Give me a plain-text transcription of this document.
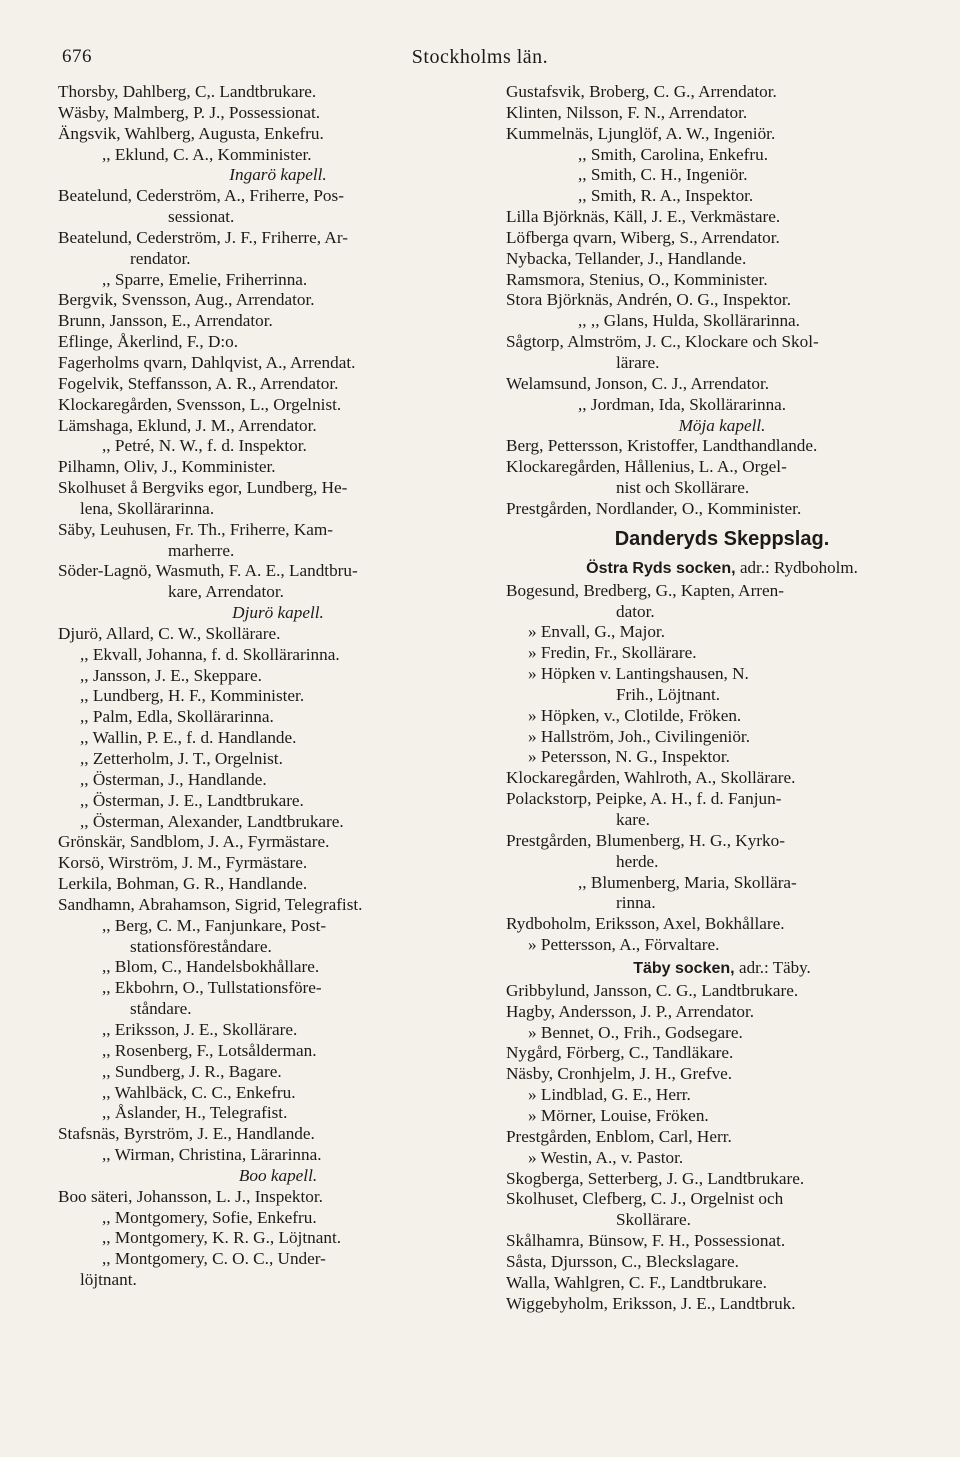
676	Stockholms län.
Thorsby, Dahlberg, C,. Landtbrukare.
Wäsby, Malmberg, P. J., Possessionat.
Ängsvik, Wahlberg, Augusta, Enkefru.
,, Eklund, C. A., Komminister.
Ingarö kapell.
Beatelund, Cederström, A., Friherre, Pos-
sessionat.
Beatelund, Cederström, J. F., Friherre, Ar-
rendator.
,, Sparre, Emelie, Friherrinna.
Bergvik, Svensson, Aug., Arrendator.
Brunn, Jansson, E., Arrendator.
Eflinge, Åkerlind, F., D:o.
Fagerholms qvarn, Dahlqvist, A., Arrendat.
Fogelvik, Steffansson, A. R., Arrendator.
Klockaregården, Svensson, L., Orgelnist.
Lämshaga, Eklund, J. M., Arrendator.
,, Petré, N. W., f. d. Inspektor.
Pilhamn, Oliv, J., Komminister.
Skolhuset å Bergviks egor, Lundberg, He-
lena, Skollärarinna.
Säby, Leuhusen, Fr. Th., Friherre, Kam-
marherre.
Söder-Lagnö, Wasmuth, F. A. E., Landtbru-
kare, Arrendator.
Djurö kapell.
Djurö, Allard, C. W., Skollärare.
,, Ekvall, Johanna, f. d. Skollärarinna.
,, Jansson, J. E., Skeppare.
,, Lundberg, H. F., Komminister.
,, Palm, Edla, Skollärarinna.
,, Wallin, P. E., f. d. Handlande.
,, Zetterholm, J. T., Orgelnist.
,, Österman, J., Handlande.
,, Österman, J. E., Landtbrukare.
,, Österman, Alexander, Landtbrukare.
Grönskär, Sandblom, J. A., Fyrmästare.
Korsö, Wirström, J. M., Fyrmästare.
Lerkila, Bohman, G. R., Handlande.
Sandhamn, Abrahamson, Sigrid, Telegrafist.
,, Berg, C. M., Fanjunkare, Post-
stationsföreståndare.
,, Blom, C., Handelsbokhållare.
,, Ekbohrn, O., Tullstationsföre-
ståndare.
,, Eriksson, J. E., Skollärare.
,, Rosenberg, F., Lotsålderman.
,, Sundberg, J. R., Bagare.
,, Wahlbäck, C. C., Enkefru.
,, Åslander, H., Telegrafist.
Stafsnäs, Byrström, J. E., Handlande.
,, Wirman, Christina, Lärarinna.
Boo kapell.
Boo säteri, Johansson, L. J., Inspektor.
,, Montgomery, Sofie, Enkefru.
,, Montgomery, K. R. G., Löjtnant.
,, Montgomery, C. O. C., Under-
löjtnant.
Gustafsvik, Broberg, C. G., Arrendator.
Klinten, Nilsson, F. N., Arrendator.
Kummelnäs, Ljunglöf, A. W., Ingeniör.
,, Smith, Carolina, Enkefru.
,, Smith, C. H., Ingeniör.
,, Smith, R. A., Inspektor.
Lilla Björknäs, Käll, J. E., Verkmästare.
Löfberga qvarn, Wiberg, S., Arrendator.
Nybacka, Tellander, J., Handlande.
Ramsmora, Stenius, O., Komminister.
Stora Björknäs, Andrén, O. G., Inspektor.
,, ,, Glans, Hulda, Skollärarinna.
Sågtorp, Almström, J. C., Klockare och Skol-
lärare.
Welamsund, Jonson, C. J., Arrendator.
,, Jordman, Ida, Skollärarinna.
Möja kapell.
Berg, Pettersson, Kristoffer, Landthandlande.
Klockaregården, Hållenius, L. A., Orgel-
nist och Skollärare.
Prestgården, Nordlander, O., Komminister.
Danderyds Skeppslag.
Östra Ryds socken, adr.: Rydboholm.
Bogesund, Bredberg, G., Kapten, Arren-
dator.
» Envall, G., Major.
» Fredin, Fr., Skollärare.
» Höpken v. Lantingshausen, N.
Frih., Löjtnant.
» Höpken, v., Clotilde, Fröken.
» Hallström, Joh., Civilingeniör.
» Petersson, N. G., Inspektor.
Klockaregården, Wahlroth, A., Skollärare.
Polackstorp, Peipke, A. H., f. d. Fanjun-
kare.
Prestgården, Blumenberg, H. G., Kyrko-
herde.
,, Blumenberg, Maria, Skollära-
rinna.
Rydboholm, Eriksson, Axel, Bokhållare.
» Pettersson, A., Förvaltare.
Täby socken, adr.: Täby.
Gribbylund, Jansson, C. G., Landtbrukare.
Hagby, Andersson, J. P., Arrendator.
» Bennet, O., Frih., Godsegare.
Nygård, Förberg, C., Tandläkare.
Näsby, Cronhjelm, J. H., Grefve.
» Lindblad, G. E., Herr.
» Mörner, Louise, Fröken.
Prestgården, Enblom, Carl, Herr.
» Westin, A., v. Pastor.
Skogberga, Setterberg, J. G., Landtbrukare.
Skolhuset, Clefberg, C. J., Orgelnist och
Skollärare.
Skålhamra, Bünsow, F. H., Possessionat.
Såsta, Djursson, C., Bleckslagare.
Walla, Wahlgren, C. F., Landtbrukare.
Wiggebyholm, Eriksson, J. E., Landtbruk.
